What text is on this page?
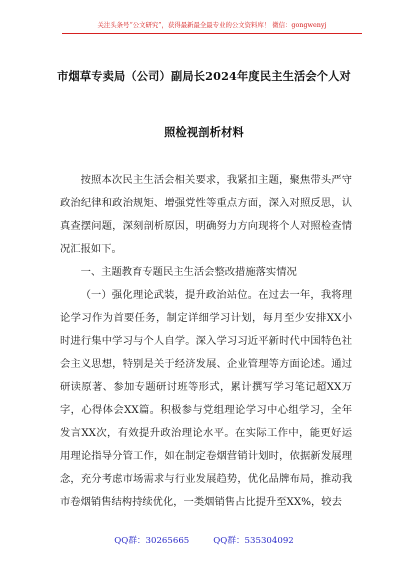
关注头条号“公文研究”，获得最新最全最专业的公文资料库！ 微信：gongwenyj
市烟草专卖局（公司）副局长2024年度民主生活会个人对
照检视剖析材料

按照本次民主生活会相关要求，我紧扣主题，聚焦带头严守政治纪律和政治规矩、增强党性等重点方面，深入对照反思，认真查摆问题，深刻剖析原因，明确努力方向现将个人对照检查情况汇报如下。

一、主题教育专题民主生活会整改措施落实情况

（一）强化理论武装，提升政治站位。在过去一年，我将理论学习作为首要任务，制定详细学习计划，每月至少安排XX小时进行集中学习与个人自学。深入学习习近平新时代中国特色社会主义思想，特别是关于经济发展、企业管理等方面论述。通过研读原著、参加专题研讨班等形式，累计撰写学习笔记超XX万字，心得体会XX篇。积极参与党组理论学习中心组学习，全年发言XX次，有效提升政治理论水平。在实际工作中，能更好运用理论指导分管工作，如在制定卷烟营销计划时，依据新发展理念，充分考虑市场需求与行业发展趋势，优化品牌布局，推动我市卷烟销售结构持续优化，一类烟销售占比提升至XX%，较去

QQ群：30265665	QQ群：535304092
